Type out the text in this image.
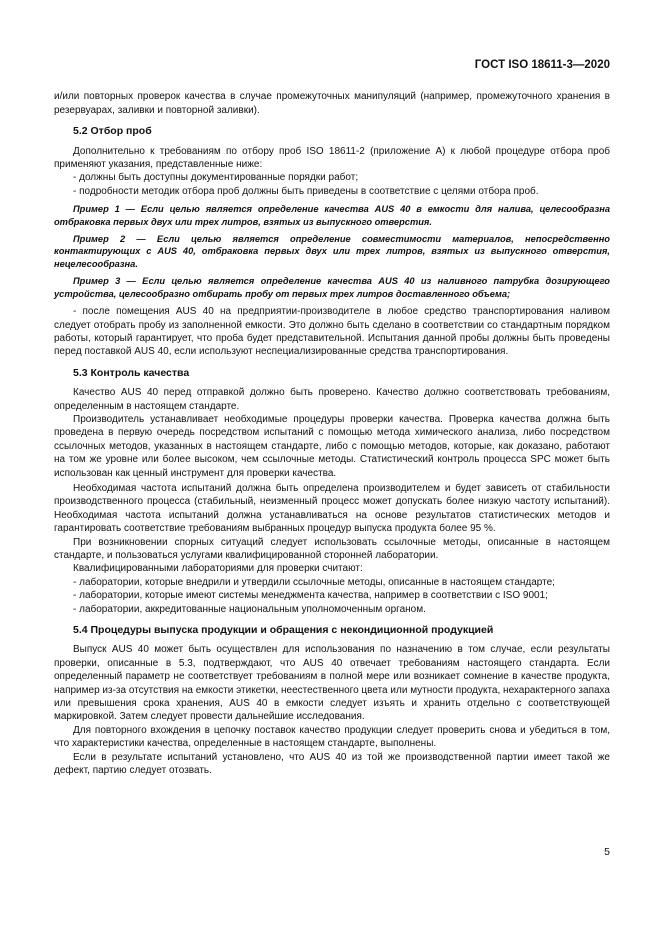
ГОСТ ISO 18611-3—2020

и/или повторных проверок качества в случае промежуточных манипуляций (например, промежуточного хранения в резервуарах, заливки и повторной заливки).

5.2 Отбор проб

Дополнительно к требованиям по отбору проб ISO 18611-2 (приложение А) к любой процедуре отбора проб применяют указания, представленные ниже:

- должны быть доступны документированные порядки работ;

- подробности методик отбора проб должны быть приведены в соответствие с целями отбора проб.

Пример 1 — Если целью является определение качества AUS 40 в емкости для налива, целесообразна отбраковка первых двух или трех литров, взятых из выпускного отверстия.

Пример 2 — Если целью является определение совместимости материалов, непосредственно контактирующих с AUS 40, отбраковка первых двух или трех литров, взятых из выпускного отверстия, нецелесообразна.

Пример 3 — Если целью является определение качества AUS 40 из наливного патрубка дозирующего устройства, целесообразно отбирать пробу от первых трех литров доставленного объема;

- после помещения AUS 40 на предприятии-производителе в любое средство транспортирования наливом следует отобрать пробу из заполненной емкости. Это должно быть сделано в соответствии со стандартным порядком работы, который гарантирует, что проба будет представительной. Испытания данной пробы должны быть проведены перед поставкой AUS 40, если используют неспециализированные средства транспортирования.

5.3 Контроль качества

Качество AUS 40 перед отправкой должно быть проверено. Качество должно соответствовать требованиям, определенным в настоящем стандарте.

Производитель устанавливает необходимые процедуры проверки качества. Проверка качества должна быть проведена в первую очередь посредством испытаний с помощью метода химического анализа, либо посредством ссылочных методов, указанных в настоящем стандарте, либо с помощью методов, которые, как доказано, работают на том же уровне или более высоком, чем ссылочные методы. Статистический контроль процесса SPC может быть использован как ценный инструмент для проверки качества.

Необходимая частота испытаний должна быть определена производителем и будет зависеть от стабильности производственного процесса (стабильный, неизменный процесс может допускать более низкую частоту испытаний). Необходимая частота испытаний должна устанавливаться на основе результатов статистических методов и гарантировать соответствие требованиям выбранных процедур выпуска продукта более 95 %.

При возникновении спорных ситуаций следует использовать ссылочные методы, описанные в настоящем стандарте, и пользоваться услугами квалифицированной сторонней лаборатории.

Квалифицированными лабораториями для проверки считают:

- лаборатории, которые внедрили и утвердили ссылочные методы, описанные в настоящем стандарте;

- лаборатории, которые имеют системы менеджмента качества, например в соответствии с ISO 9001;

- лаборатории, аккредитованные национальным уполномоченным органом.

5.4 Процедуры выпуска продукции и обращения с некондиционной продукцией

Выпуск AUS 40 может быть осуществлен для использования по назначению в том случае, если результаты проверки, описанные в 5.3, подтверждают, что AUS 40 отвечает требованиям настоящего стандарта. Если определенный параметр не соответствует требованиям в полной мере или возникает сомнение в качестве продукта, например из-за отсутствия на емкости этикетки, неестественного цвета или мутности продукта, нехарактерного запаха или превышения срока хранения, AUS 40 в емкости следует изъять и хранить отдельно с соответствующей маркировкой. Затем следует провести дальнейшие исследования.

Для повторного вхождения в цепочку поставок качество продукции следует проверить снова и убедиться в том, что характеристики качества, определенные в настоящем стандарте, выполнены.

Если в результате испытаний установлено, что AUS 40 из той же производственной партии имеет такой же дефект, партию следует отозвать.

5
